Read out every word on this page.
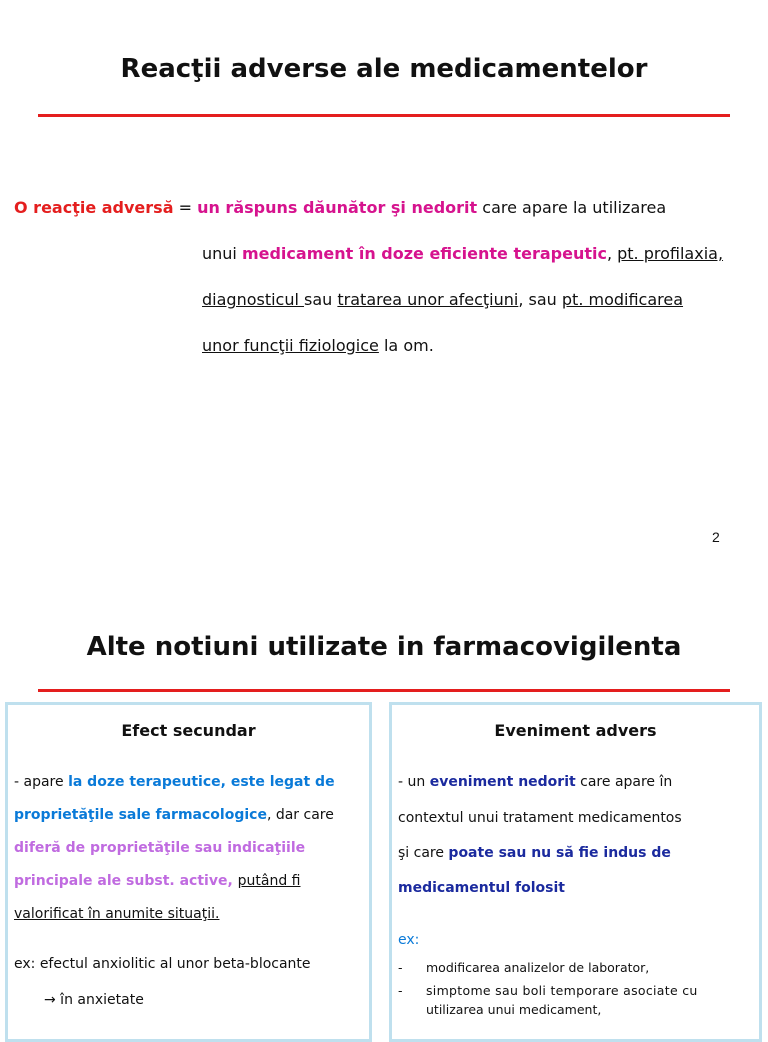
Reacţii adverse ale medicamentelor
O reacţie adversă = un răspuns dăunător şi nedorit care apare la utilizarea
unui medicament în doze eficiente terapeutic, pt. profilaxia,
diagnosticul sau tratarea unor afecţiuni, sau pt. modificarea
unor funcţii fiziologice la om.
2
Alte notiuni utilizate in farmacovigilenta
Efect secundar
- apare la doze terapeutice, este legat de
proprietăţile sale farmacologice, dar care
diferă de proprietăţile sau indicaţiile
principale ale subst. active, putând fi
valorificat în anumite situaţii.
ex: efectul anxiolitic al unor beta-blocante
→ în anxietate
Eveniment advers
- un eveniment nedorit care apare în
contextul unui tratament medicamentos
şi care poate sau nu să fie indus de
medicamentul folosit
ex:
- modificarea analizelor de laborator,
- simptome sau boli temporare asociate cu
utilizarea unui medicament,
